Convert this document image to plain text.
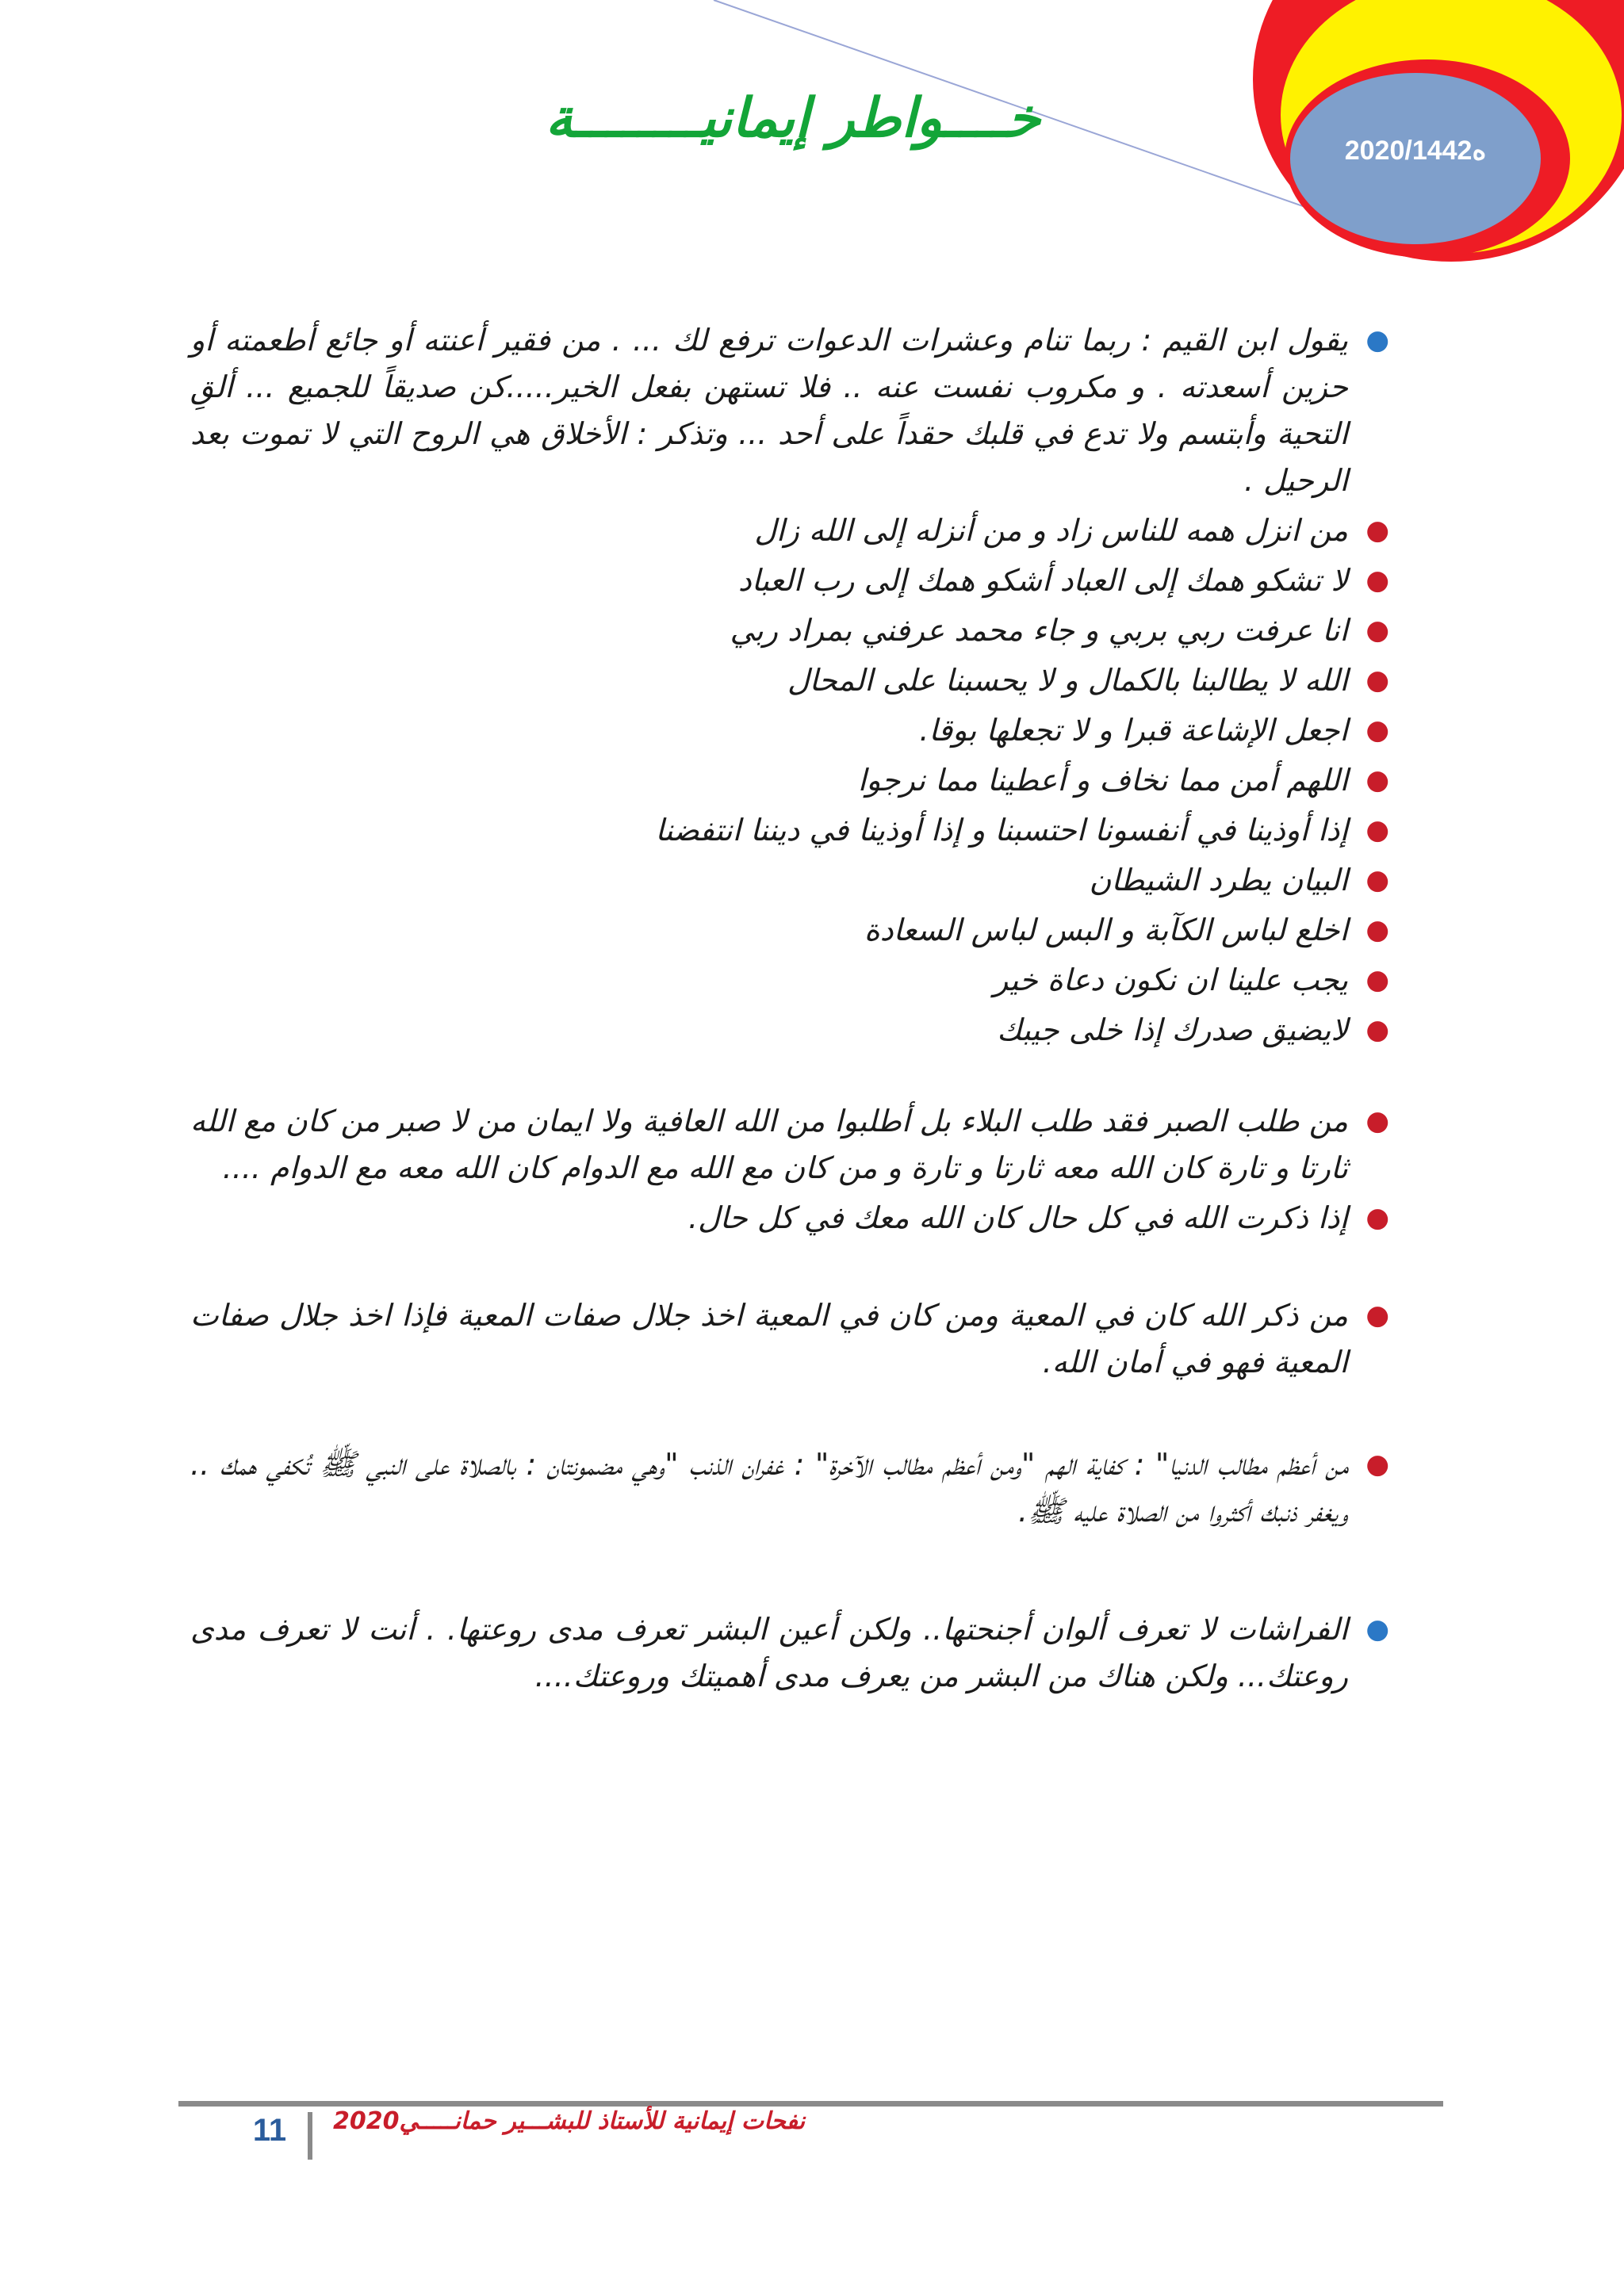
2020/ه1442
خــــواطر إيمانيــــــــة
●
يقول ابن القيم : ربما تنام وعشرات الدعوات ترفع لك ... . من فقير أعنته أو جائع أطعمته أو حزين أسعدته . و مكروب نفست عنه .. فلا تستهن بفعل الخير.....كن صديقاً للجميع ... ألقِ التحية وأبتسم ولا تدع في قلبك حقداً على أحد ... وتذكر : الأخلاق هي الروح التي لا تموت بعد الرحيل .
●
من انزل همه للناس زاد و من أنزله إلى الله زال
●
لا تشكو همك إلى العباد أشكو همك إلى رب العباد
●
انا عرفت ربي بربي و جاء محمد عرفني بمراد ربي
●
الله لا يطالبنا بالكمال و لا يحسبنا على المحال
●
اجعل الإشاعة قبرا و لا تجعلها بوقا.
●
اللهم أمن مما نخاف و أعطينا مما نرجوا
●
إذا أوذينا في أنفسونا احتسبنا و إذا أوذينا في ديننا انتفضنا
●
البيان يطرد الشيطان
●
اخلع لباس الكآبة و البس لباس السعادة
●
يجب علينا ان نكون دعاة خير
●
لايضيق صدرك إذا خلى جيبك
●
من طلب الصبر فقد طلب البلاء بل أطلبوا من الله العافية ولا ايمان من لا صبر من كان مع الله ثارتا و تارة كان الله معه ثارتا و تارة و من كان مع الله مع الدوام كان الله معه مع الدوام ....
●
إذا ذكرت الله في كل حال كان الله معك في كل حال.
●
من ذكر الله كان في المعية ومن كان في المعية اخذ جلال صفات المعية فإذا اخذ جلال صفات المعية فهو في أمان الله.
●
من أعظم مطالب الدنيا" : كفاية الهم "ومن أعظم مطالب الآخرة" : غفران الذنب "وهي مضمونتان : بالصلاة على النبي ﷺ تُكفي همك .. ويغفر ذنبك أكثروا من الصلاة عليه ﷺ.
●
الفراشات لا تعرف ألوان أجنحتها.. ولكن أعين البشر تعرف مدى روعتها. . أنت لا تعرف مدى روعتك... ولكن هناك من البشر من يعرف مدى أهميتك وروعتك....
11	نفحات إيمانية للأستاذ للبشـــير حمانـــــي2020
